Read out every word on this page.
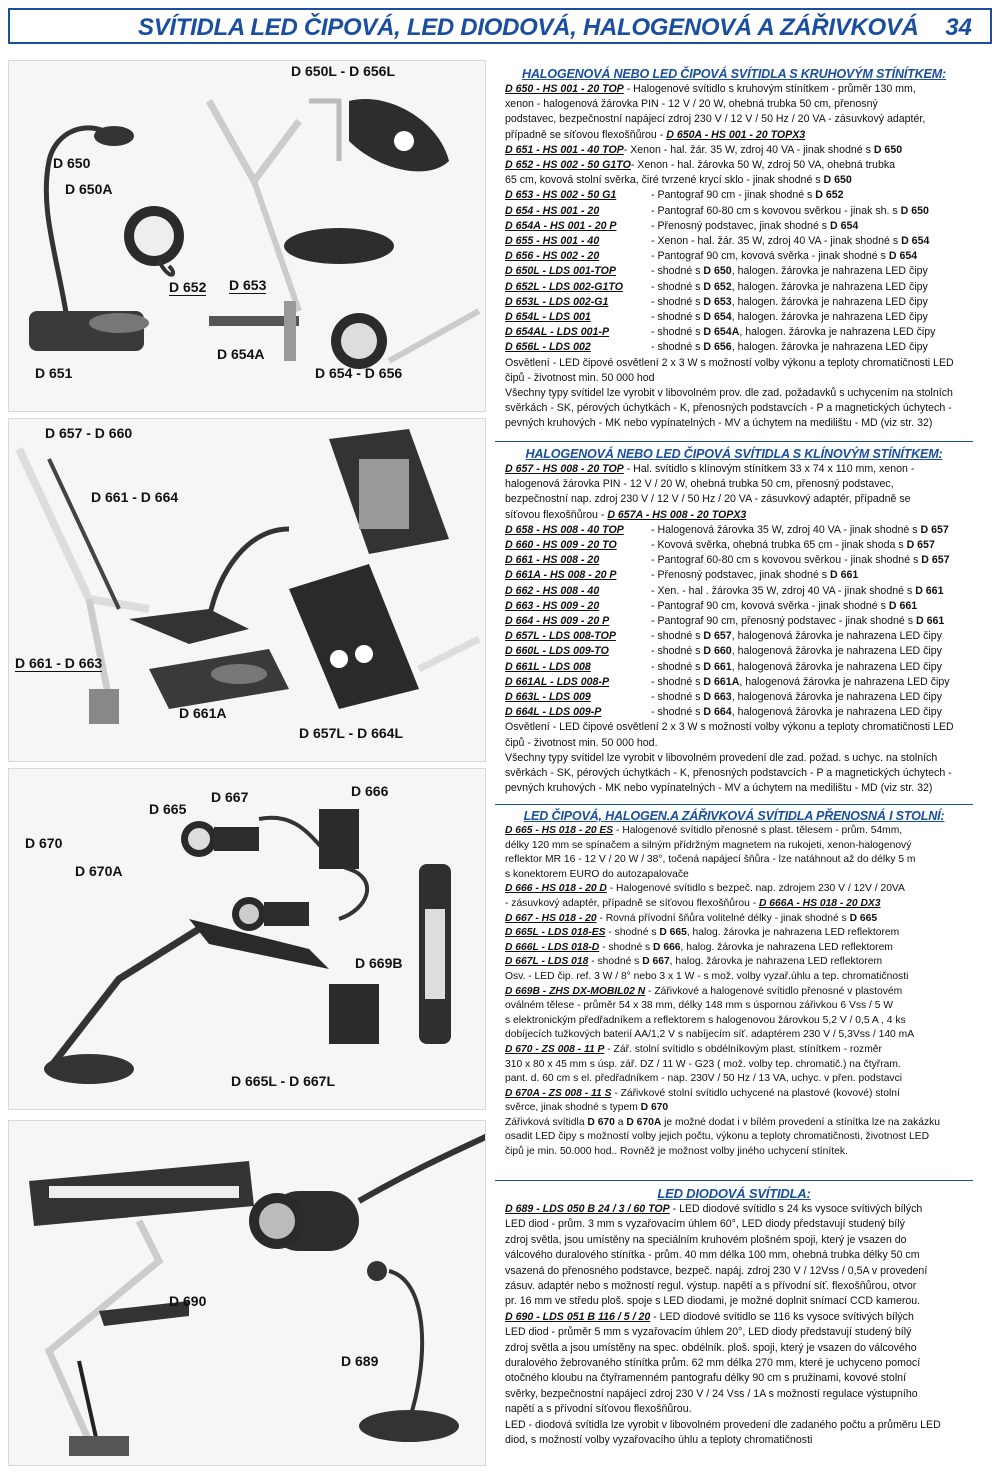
SVÍTIDLA LED ČIPOVÁ, LED DIODOVÁ, HALOGENOVÁ A ZÁŘIVKOVÁ 34
D 650L - D 656L
D 650
D 650A
D 652 D 653
D 654A
D 651	D 654 - D 656
D 657 - D 660
D 661 - D 664
D 661 - D 663
D 661A
D 657L - D 664L
D 667	D 666
D 665
D 670
D 670A
D 669B
D 665L - D 667L
D 690
D 689
HALOGENOVÁ NEBO LED ČIPOVÁ SVÍTIDLA S KRUHOVÝM STÍNÍTKEM:

D 650 - HS 001 - 20 TOP - Halogenové svítidlo s kruhovým stínítkem - průměr 130 mm,

xenon - halogenová žárovka PIN - 12 V / 20 W, ohebná trubka 50 cm, přenosný

podstavec, bezpečnostní napájecí zdroj 230 V / 12 V / 50 Hz / 20 VA - zásuvkový adaptér,

případně se síťovou flexošňůrou - D 650A - HS 001 - 20 TOPX3

D 651 - HS 001 - 40 TOP - Xenon - hal. žár. 35 W, zdroj 40 VA - jinak shodné s D 650
D 652 - HS 002 - 50 G1TO - Xenon - hal. žárovka 50 W, zdroj 50 VA, ohebná trubka

65 cm, kovová stolní svěrka, čiré tvrzené krycí sklo - jinak shodné s D 650

D 653 - HS 002 - 50 G1	- Pantograf 90 cm - jinak shodné s D 652
D 654 - HS 001 - 20	- Pantograf 60-80 cm s kovovou svěrkou - jinak sh. s D 650
D 654A - HS 001 - 20 P	- Přenosný podstavec, jinak shodné s D 654
D 655 - HS 001 - 40	- Xenon - hal. žár. 35 W, zdroj 40 VA - jinak shodné s D 654
D 656 - HS 002 - 20	- Pantograf 90 cm, kovová svěrka - jinak shodné s D 654
D 650L - LDS 001-TOP	- shodné s D 650, halogen. žárovka je nahrazena LED čipy
D 652L - LDS 002-G1TO	- shodné s D 652, halogen. žárovka je nahrazena LED čipy
D 653L - LDS 002-G1	- shodné s D 653, halogen. žárovka je nahrazena LED čipy
D 654L - LDS 001	- shodné s D 654, halogen. žárovka je nahrazena LED čipy
D 654AL - LDS 001-P	- shodné s D 654A, halogen. žárovka je nahrazena LED čipy
D 656L - LDS 002	- shodné s D 656, halogen. žárovka je nahrazena LED čipy

Osvětlení - LED čipové osvětlení 2 x 3 W s možností volby výkonu a teploty chromatičnosti LED

čipů - životnost min. 50 000 hod

Všechny typy svítidel lze vyrobit v libovolném prov. dle zad. požadavků s uchycením na stolních

svěrkách - SK, pérových úchytkách - K, přenosných podstavcích - P a magnetických úchytech -

pevných kruhových - MK nebo vypínatelných - MV a úchytem na medilištu - MD (viz str. 32)

HALOGENOVÁ NEBO LED ČIPOVÁ SVÍTIDLA S KLÍNOVÝM STÍNÍTKEM:

D 657 - HS 008 - 20 TOP - Hal. svítidlo s klínovým stínítkem 33 x 74 x 110 mm, xenon -

halogenová žárovka PIN - 12 V / 20 W, ohebná trubka 50 cm, přenosný podstavec,

bezpečnostní nap. zdroj 230 V / 12 V / 50 Hz / 20 VA - zásuvkový adaptér, případně se

síťovou flexošňůrou - D 657A - HS 008 - 20 TOPX3

D 658 - HS 008 - 40 TOP	- Halogenová žárovka 35 W, zdroj 40 VA - jinak shodné s D 657
D 660 - HS 009 - 20 TO	- Kovová svěrka, ohebná trubka 65 cm - jinak shoda s D 657
D 661 - HS 008 - 20	- Pantograf 60-80 cm s kovovou svěrkou - jinak shodné s D 657
D 661A - HS 008 - 20 P	- Přenosný podstavec, jinak shodné s D 661
D 662 - HS 008 - 40	- Xen. - hal . žárovka 35 W, zdroj 40 VA - jinak shodné s D 661
D 663 - HS 009 - 20	- Pantograf 90 cm, kovová svěrka - jinak shodné s D 661
D 664 - HS 009 - 20 P	- Pantograf 90 cm, přenosný podstavec - jinak shodné s D 661
D 657L - LDS 008-TOP	- shodné s D 657, halogenová žárovka je nahrazena LED čipy
D 660L - LDS 009-TO	- shodné s D 660, halogenová žárovka je nahrazena LED čipy
D 661L - LDS 008	- shodné s D 661, halogenová žárovka je nahrazena LED čipy
D 661AL - LDS 008-P	- shodné s D 661A, halogenová žárovka je nahrazena LED čipy
D 663L - LDS 009	- shodné s D 663, halogenová žárovka je nahrazena LED čipy
D 664L - LDS 009-P	- shodné s D 664, halogenová žárovka je nahrazena LED čipy

Osvětlení - LED čipové osvětlení 2 x 3 W s možností volby výkonu a teploty chromatičnosti LED

čipů - životnost min. 50 000 hod.

Všechny typy svítidel lze vyrobit v libovolném provedení dle zad. požad. s uchyc. na stolních

svěrkách - SK, pérových úchytkách - K, přenosných podstavcích - P a magnetických úchytech -

pevných kruhových - MK nebo vypínatelných - MV a úchytem na medilištu - MD (viz str. 32)

LED ČIPOVÁ, HALOGEN.A ZÁŘIVKOVÁ SVÍTIDLA PŘENOSNÁ I STOLNÍ:

D 665 - HS 018 - 20 ES - Halogenové svítidlo přenosné s plast. tělesem - prům. 54mm,

délky 120 mm se spínačem a silným přídržným magnetem na rukojeti, xenon-halogenový

reflektor MR 16 - 12 V / 20 W / 38°, točená napájecí šňůra - lze natáhnout až do délky 5 m

s konektorem EURO do autozapalovače

D 666 - HS 018 - 20 D - Halogenové svítidlo s bezpeč. nap. zdrojem 230 V / 12V / 20VA

- zásuvkový adaptér, případně se síťovou flexošňůrou - D 666A - HS 018 - 20 DX3

D 667 - HS 018 - 20 - Rovná přívodní šňůra volitelné délky - jinak shodné s D 665

D 665L - LDS 018-ES - shodné s D 665, halog. žárovka je nahrazena LED reflektorem

D 666L - LDS 018-D - shodné s D 666, halog. žárovka je nahrazena LED reflektorem

D 667L - LDS 018 - shodné s D 667, halog. žárovka je nahrazena LED reflektorem

Osv. - LED čip. ref. 3 W / 8° nebo 3 x 1 W - s mož. volby vyzař.úhlu a tep. chromatičnosti

D 669B - ZHS DX-MOBIL02 N - Zářivkové a halogenové svítidlo přenosné v plastovém

oválném tělese - průměr 54 x 38 mm, délky 148 mm s úspornou zářivkou 6 Vss / 5 W

s elektronickým předřadníkem a reflektorem s halogenovou žárovkou 5,2 V / 0,5 A , 4 ks

dobíjecích tužkových baterií AA/1,2 V s nabíjecím síť. adaptérem 230 V / 5,3Vss / 140 mA

D 670 - ZS 008 - 11 P - Zář. stolní svítidlo s obdélníkovým plast. stínítkem - rozměr

310 x 80 x 45 mm s úsp. zář. DZ / 11 W - G23 ( mož. volby tep. chromatič.) na čtyřram.

pant. d. 60 cm s el. předřadníkem - nap. 230V / 50 Hz / 13 VA, uchyc. v přen. podstavci

D 670A - ZS 008 - 11 S - Zářivkové stolní svítidlo uchycené na plastové (kovové) stolní

svěrce, jinak shodné s typem D 670

Zářivková svítidla D 670 a D 670A je možné dodat i v bílém provedení a stínítka lze na zakázku

osadit LED čipy s možností volby jejich počtu, výkonu a teploty chromatičnosti, životnost LED

čipů je min. 50.000 hod.. Rovněž je možnost volby jiného uchycení stínítek.

LED DIODOVÁ SVÍTIDLA:

D 689 - LDS 050 B 24 / 3 / 60 TOP - LED diodové svítidlo s 24 ks vysoce svítivých bílých

LED diod - prům. 3 mm s vyzařovacím úhlem 60°, LED diody představují studený bílý

zdroj světla, jsou umístěny na speciálním kruhovém plošném spoji, který je vsazen do

válcového duralového stínítka - prům. 40 mm délka 100 mm, ohebná trubka délky 50 cm

vsazená do přenosného podstavce, bezpeč. napáj. zdroj 230 V / 12Vss / 0,5A v provedení

zásuv. adaptér nebo s možností regul. výstup. napětí a s přívodní síť. flexošňůrou, otvor

pr. 16 mm ve středu ploš. spoje s LED diodami, je možné doplnit snímací CCD kamerou.

D 690 - LDS 051 B 116 / 5 / 20 - LED diodové svítidlo se 116 ks vysoce svítivých bílých

LED diod - průměr 5 mm s vyzařovacím úhlem 20°, LED diody představují studený bílý

zdroj světla a jsou umístěny na spec. obdélník. ploš. spoji, který je vsazen do válcového

duralového žebrovaného stínítka prům. 62 mm délka 270 mm, které je uchyceno pomocí

otočného kloubu na čtyřramenném pantografu délky 90 cm s pružinami, kovové stolní

svěrky, bezpečnostní napájecí zdroj 230 V / 24 Vss / 1A s možností regulace výstupního

napětí a s přívodní síťovou flexošňůrou.

LED - diodová svítidla lze vyrobit v libovolném provedení dle zadaného počtu a průměru LED

diod, s možností volby vyzařovacího úhlu a teploty chromatičnosti
